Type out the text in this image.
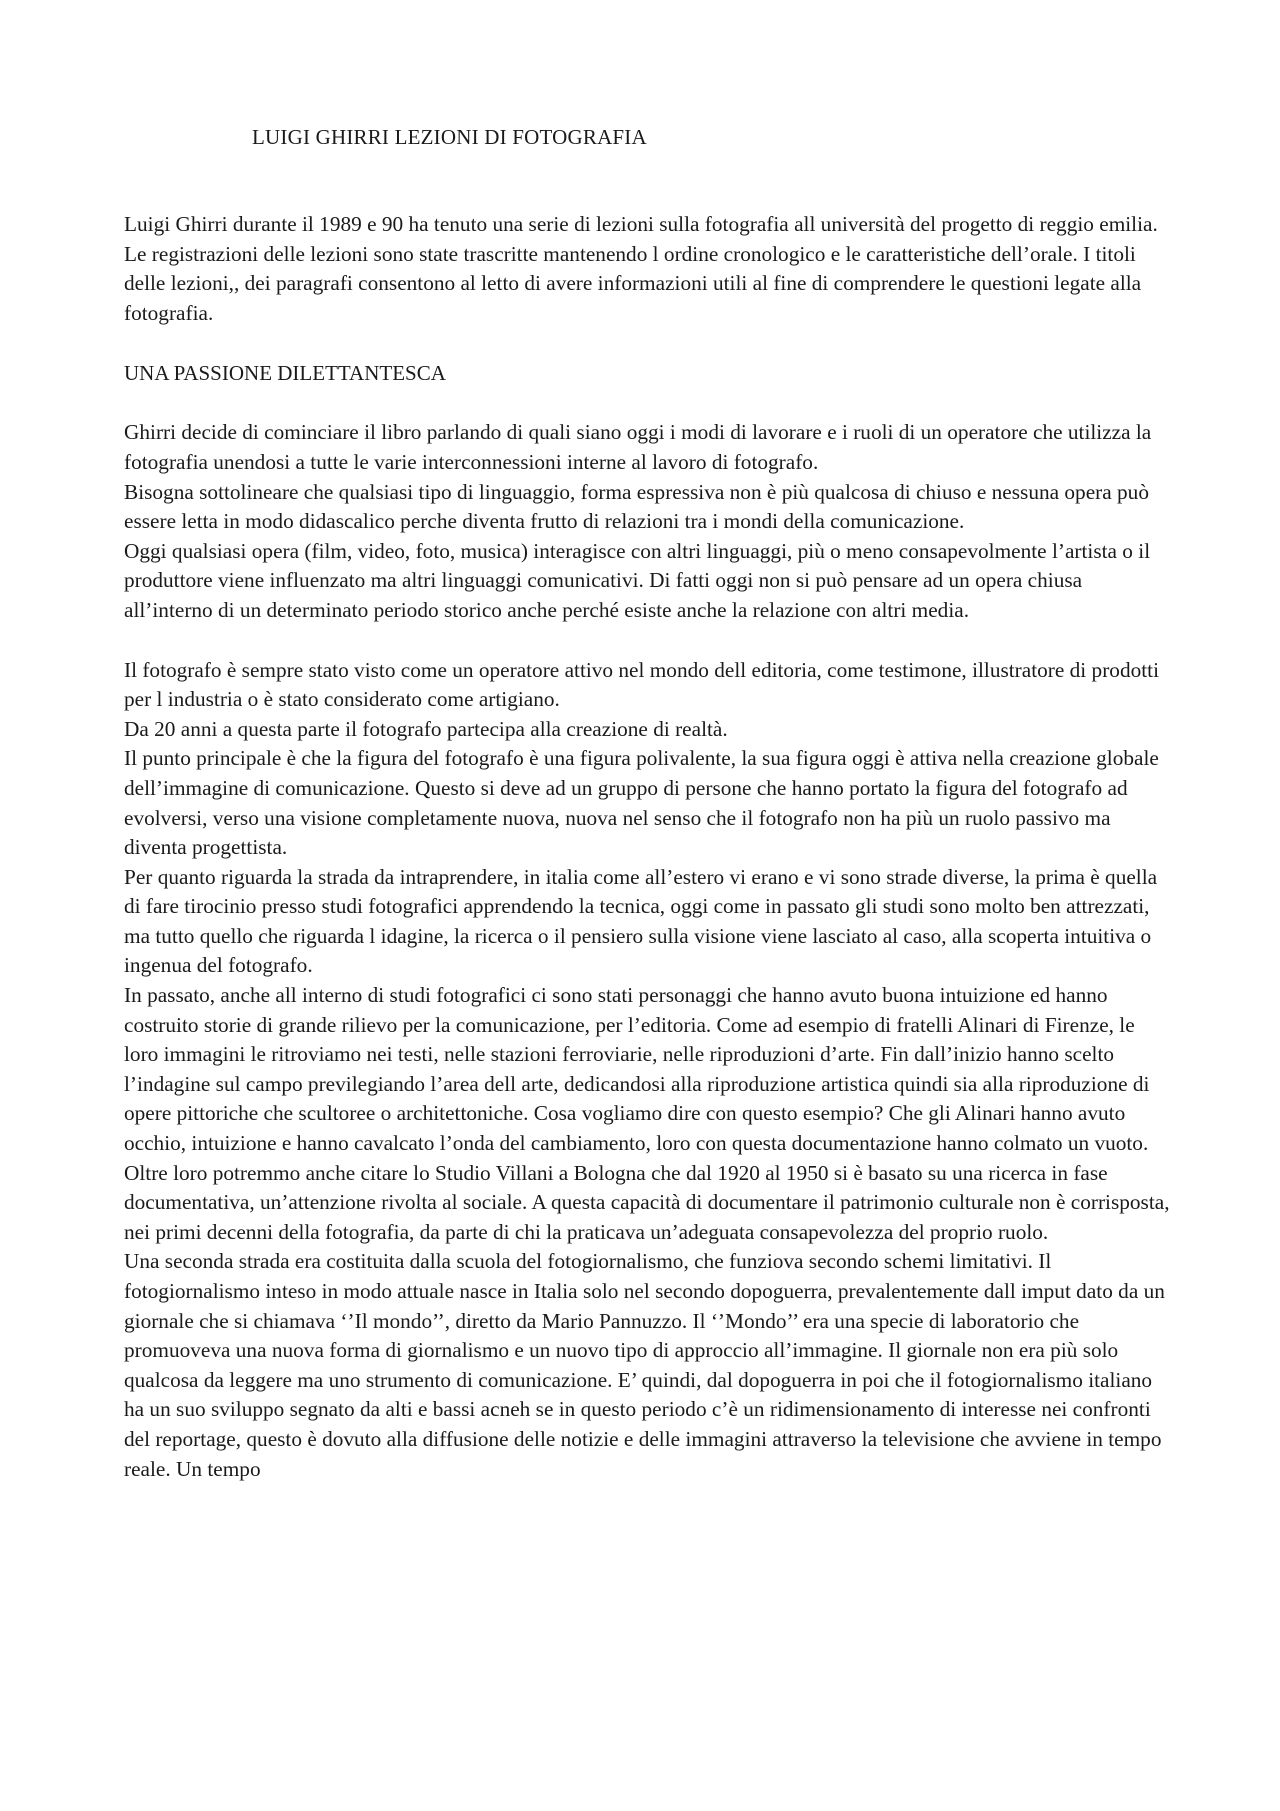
LUIGI GHIRRI LEZIONI DI FOTOGRAFIA

Luigi Ghirri durante il 1989 e 90 ha tenuto una serie di lezioni sulla fotografia all università del progetto di reggio emilia. Le registrazioni delle lezioni sono state trascritte mantenendo l ordine cronologico e le caratteristiche dell’orale. I titoli delle lezioni,, dei paragrafi consentono al letto di avere informazioni utili al fine di comprendere le questioni legate alla fotografia.

UNA PASSIONE DILETTANTESCA

Ghirri decide di cominciare il libro parlando di quali siano oggi i modi di lavorare e i ruoli di un operatore che utilizza la fotografia unendosi a tutte le varie interconnessioni interne al lavoro di fotografo.

Bisogna sottolineare che qualsiasi tipo di linguaggio, forma espressiva non è più qualcosa di chiuso e nessuna opera può essere letta in modo didascalico perche diventa frutto di relazioni tra i mondi della comunicazione.

Oggi qualsiasi opera (film, video, foto, musica) interagisce con altri linguaggi, più o meno consapevolmente l’artista o il produttore viene influenzato ma altri linguaggi comunicativi. Di fatti oggi non si può pensare ad un opera chiusa all’interno di un determinato periodo storico anche perché esiste anche la relazione con altri media.

Il fotografo è sempre stato visto come un operatore attivo nel mondo dell editoria, come testimone, illustratore di prodotti per l industria o è stato considerato come artigiano.

Da 20 anni a questa parte il fotografo partecipa alla creazione di realtà.

Il punto principale è che la figura del fotografo è una figura polivalente, la sua figura oggi è attiva nella creazione globale dell’immagine di comunicazione. Questo si deve ad un gruppo di persone che hanno portato la figura del fotografo ad evolversi, verso una visione completamente nuova, nuova nel senso che il fotografo non ha più un ruolo passivo ma diventa progettista.

Per quanto riguarda la strada da intraprendere, in italia come all’estero vi erano e vi sono strade diverse, la prima è quella di fare tirocinio presso studi fotografici apprendendo la tecnica, oggi come in passato gli studi sono molto ben attrezzati, ma tutto quello che riguarda l idagine, la ricerca o il pensiero sulla visione viene lasciato al caso, alla scoperta intuitiva o ingenua del fotografo.

In passato, anche all interno di studi fotografici ci sono stati personaggi che hanno avuto buona intuizione ed hanno costruito storie di grande rilievo per la comunicazione, per l’editoria. Come ad esempio di fratelli Alinari di Firenze, le loro immagini le ritroviamo nei testi, nelle stazioni ferroviarie, nelle riproduzioni d’arte. Fin dall’inizio hanno scelto l’indagine sul campo previlegiando l’area dell arte, dedicandosi alla riproduzione artistica quindi sia alla riproduzione di opere pittoriche che scultoree o architettoniche. Cosa vogliamo dire con questo esempio? Che gli Alinari hanno avuto occhio, intuizione e hanno cavalcato l’onda del cambiamento, loro con questa documentazione hanno colmato un vuoto. Oltre loro potremmo anche citare lo Studio Villani a Bologna che dal 1920 al 1950 si è basato su una ricerca in fase documentativa, un’attenzione rivolta al sociale. A questa capacità di documentare il patrimonio culturale non è corrisposta, nei primi decenni della fotografia, da parte di chi la praticava un’adeguata consapevolezza del proprio ruolo.

Una seconda strada era costituita dalla scuola del fotogiornalismo, che funziova secondo schemi limitativi. Il fotogiornalismo inteso in modo attuale nasce in Italia solo nel secondo dopoguerra, prevalentemente dall imput dato da un giornale che si chiamava ‘’Il mondo’’, diretto da Mario Pannuzzo. Il ‘’Mondo’’ era una specie di laboratorio che promuoveva una nuova forma di giornalismo e un nuovo tipo di approccio all’immagine. Il giornale non era più solo qualcosa da leggere ma uno strumento di comunicazione. E’ quindi, dal dopoguerra in poi che il fotogiornalismo italiano ha un suo sviluppo segnato da alti e bassi acneh se in questo periodo c’è un ridimensionamento di interesse nei confronti del reportage, questo è dovuto alla diffusione delle notizie e delle immagini attraverso la televisione che avviene in tempo reale. Un tempo
